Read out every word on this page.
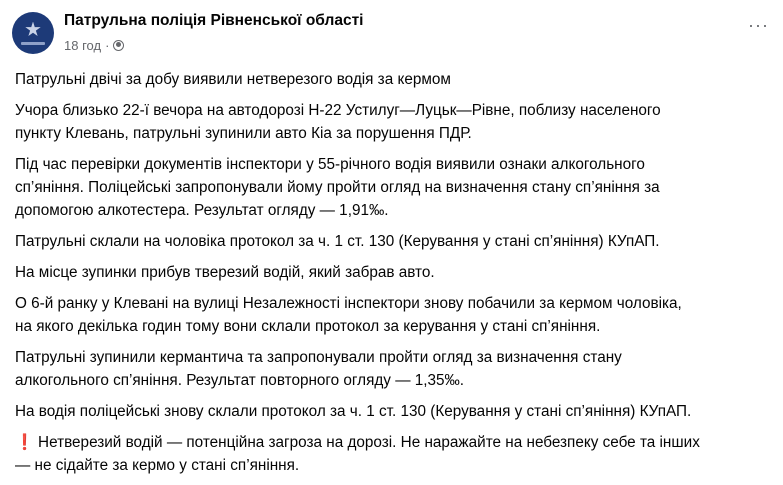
Патрульна поліція Рівненської області
18 год ·
···
Патрульні двічі за добу виявили нетверезого водія за кермом
Учора близько 22-ї вечора на автодорозі Н-22 Устилуг—Луцьк—Рівне, поблизу населеного
пункту Клевань, патрульні зупинили авто Кіа за порушення ПДР.
Під час перевірки документів інспектори у 55-річного водія виявили ознаки алкогольного
сп’яніння. Поліцейські запропонували йому пройти огляд на визначення стану сп’яніння за
допомогою алкотестера. Результат огляду — 1,91‰.
Патрульні склали на чоловіка протокол за ч. 1 ст. 130 (Керування у стані сп’яніння) КУпАП.
На місце зупинки прибув тверезий водій, який забрав авто.
О 6-й ранку у Клевані на вулиці Незалежності інспектори знову побачили за кермом чоловіка,
на якого декілька годин тому вони склали протокол за керування у стані сп’яніння.
Патрульні зупинили кермантича та запропонували пройти огляд за визначення стану
алкогольного сп’яніння. Результат повторного огляду — 1,35‰.
На водія поліцейські знову склали протокол за ч. 1 ст. 130 (Керування у стані сп’яніння) КУпАП.
❗ Нетверезий водій — потенційна загроза на дорозі. Не наражайте на небезпеку себе та інших
— не сідайте за кермо у стані сп’яніння.
